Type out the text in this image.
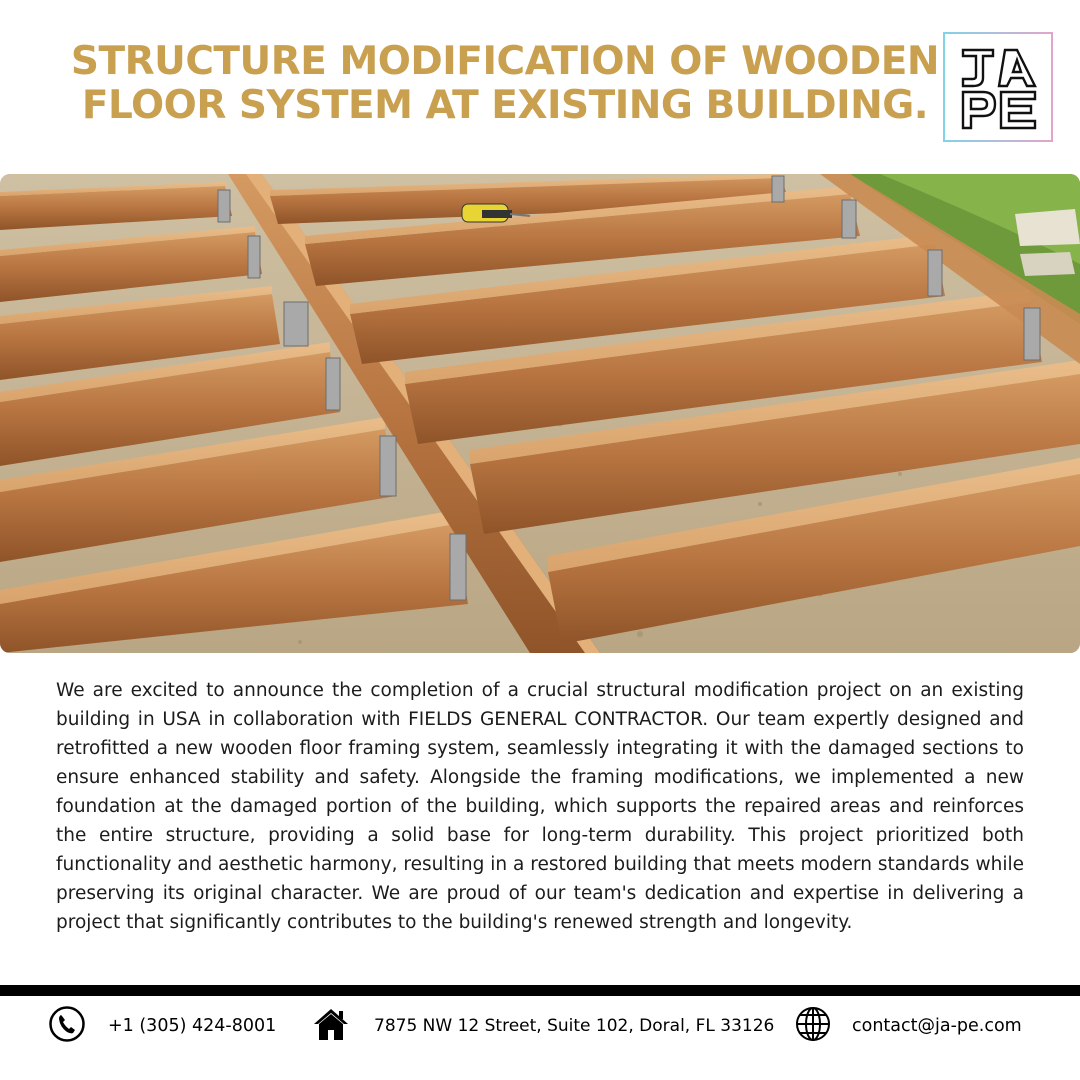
STRUCTURE MODIFICATION OF WOODEN
FLOOR SYSTEM AT EXISTING BUILDING.

We are excited to announce the completion of a crucial structural modification project on an existing building in USA in collaboration with FIELDS GENERAL CONTRACTOR. Our team expertly designed and retrofitted a new wooden floor framing system, seamlessly integrating it with the damaged sections to ensure enhanced stability and safety. Alongside the framing modifications, we implemented a new foundation at the damaged portion of the building, which supports the repaired areas and reinforces the entire structure, providing a solid base for long-term durability. This project prioritized both functionality and aesthetic harmony, resulting in a restored building that meets modern standards while preserving its original character. We are proud of our team's dedication and expertise in delivering a project that significantly contributes to the building's renewed strength and longevity.

+1 (305) 424-8001	7875 NW 12 Street, Suite 102, Doral, FL 33126	contact@ja-pe.com
